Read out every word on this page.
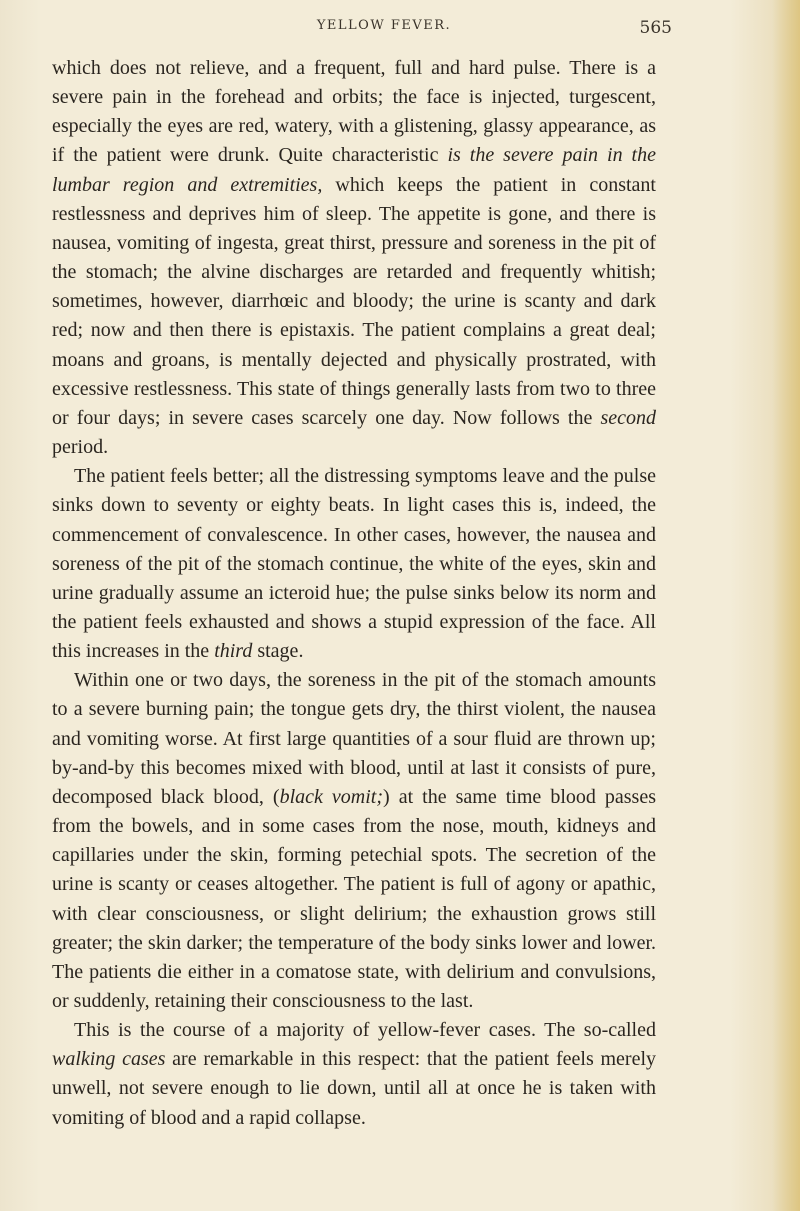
YELLOW FEVER.	565

which does not relieve, and a frequent, full and hard pulse. There is a severe pain in the forehead and orbits; the face is injected, turgescent, especially the eyes are red, watery, with a glistening, glassy appearance, as if the patient were drunk. Quite characteristic is the severe pain in the lumbar region and extremities, which keeps the patient in constant restlessness and deprives him of sleep. The appetite is gone, and there is nausea, vomiting of ingesta, great thirst, pressure and soreness in the pit of the stomach; the alvine discharges are retarded and frequently whitish; sometimes, however, diarrhœic and bloody; the urine is scanty and dark red; now and then there is epistaxis. The patient complains a great deal; moans and groans, is mentally dejected and physically prostrated, with excessive restlessness. This state of things generally lasts from two to three or four days; in severe cases scarcely one day. Now follows the second period.

The patient feels better; all the distressing symptoms leave and the pulse sinks down to seventy or eighty beats. In light cases this is, indeed, the commencement of convalescence. In other cases, however, the nausea and soreness of the pit of the stomach continue, the white of the eyes, skin and urine gradually assume an icteroid hue; the pulse sinks below its norm and the patient feels exhausted and shows a stupid expression of the face. All this increases in the third stage.

Within one or two days, the soreness in the pit of the stomach amounts to a severe burning pain; the tongue gets dry, the thirst violent, the nausea and vomiting worse. At first large quantities of a sour fluid are thrown up; by-and-by this becomes mixed with blood, until at last it consists of pure, decomposed black blood, (black vomit;) at the same time blood passes from the bowels, and in some cases from the nose, mouth, kidneys and capillaries under the skin, forming petechial spots. The secretion of the urine is scanty or ceases altogether. The patient is full of agony or apathic, with clear consciousness, or slight delirium; the exhaustion grows still greater; the skin darker; the temperature of the body sinks lower and lower. The patients die either in a comatose state, with delirium and convulsions, or suddenly, retaining their consciousness to the last.

This is the course of a majority of yellow-fever cases. The so-called walking cases are remarkable in this respect: that the patient feels merely unwell, not severe enough to lie down, until all at once he is taken with vomiting of blood and a rapid collapse.
